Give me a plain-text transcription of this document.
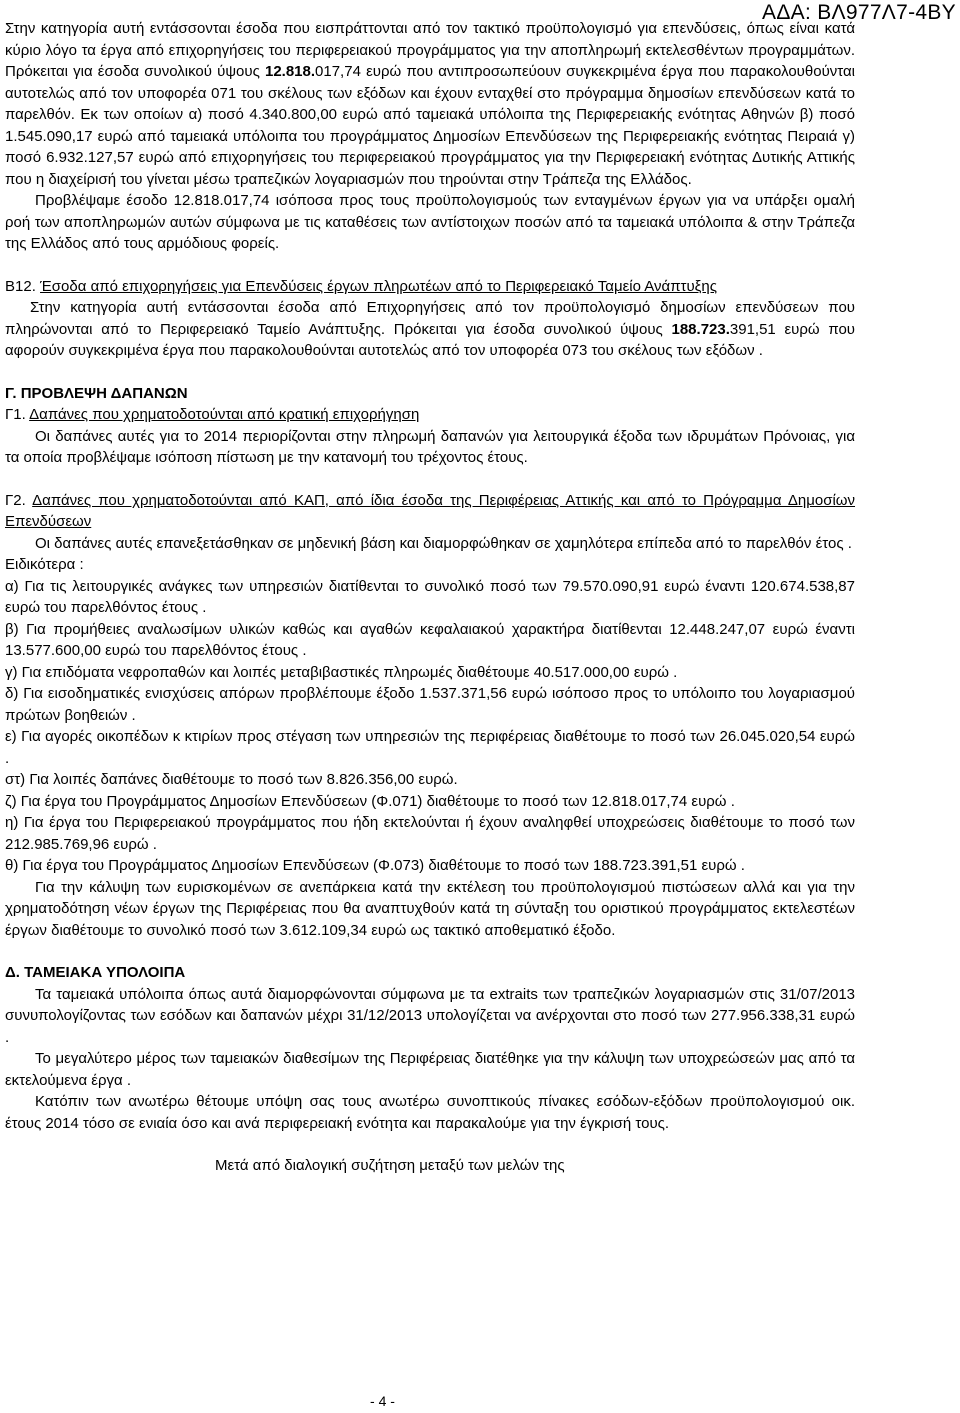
ΑΔΑ: ΒΛ977Λ7-4ΒΥ

Στην κατηγορία αυτή εντάσσονται έσοδα που εισπράττονται από τον τακτικό προϋπολογισμό για επενδύσεις, όπως είναι κατά κύριο λόγο τα έργα από επιχορηγήσεις του περιφερειακού προγράμματος για την αποπληρωμή εκτελεσθέντων προγραμμάτων. Πρόκειται για έσοδα συνολικού ύψους 12.818.017,74 ευρώ που αντιπροσωπεύουν συγκεκριμένα έργα που παρακολουθούνται αυτοτελώς από τον υποφορέα 071 του σκέλους των εξόδων και έχουν ενταχθεί στο πρόγραμμα δημοσίων επενδύσεων κατά το παρελθόν. Εκ των οποίων α) ποσό 4.340.800,00 ευρώ από ταμειακά υπόλοιπα της Περιφερειακής ενότητας Αθηνών β) ποσό 1.545.090,17 ευρώ από ταμειακά υπόλοιπα του προγράμματος Δημοσίων Επενδύσεων της Περιφερειακής ενότητας Πειραιά γ) ποσό 6.932.127,57 ευρώ από επιχορηγήσεις του περιφερειακού προγράμματος για την Περιφερειακή ενότητας Δυτικής Αττικής που η διαχείρισή του γίνεται μέσω τραπεζικών λογαριασμών που τηρούνται στην Τράπεζα της Ελλάδος.

Προβλέψαμε έσοδο 12.818.017,74 ισόποσα προς τους προϋπολογισμούς των ενταγμένων έργων για να υπάρξει ομαλή ροή των αποπληρωμών αυτών σύμφωνα με τις καταθέσεις των αντίστοιχων ποσών από τα ταμειακά υπόλοιπα & στην Τράπεζα της Ελλάδος από τους αρμόδιους φορείς.

Β12. Έσοδα από επιχορηγήσεις για Επενδύσεις έργων πληρωτέων από το Περιφερειακό Ταμείο Ανάπτυξης

Στην κατηγορία αυτή εντάσσονται έσοδα από Επιχορηγήσεις από τον προϋπολογισμό δημοσίων επενδύσεων που πληρώνονται από το Περιφερειακό Ταμείο Ανάπτυξης. Πρόκειται για έσοδα συνολικού ύψους 188.723.391,51 ευρώ που αφορούν συγκεκριμένα έργα που παρακολουθούνται αυτοτελώς από τον υποφορέα 073 του σκέλους των εξόδων .

Γ. ΠΡΟΒΛΕΨΗ ΔΑΠΑΝΩΝ

Γ1. Δαπάνες που χρηματοδοτούνται από κρατική επιχορήγηση

Οι δαπάνες αυτές για το 2014 περιορίζονται στην πληρωμή δαπανών για λειτουργικά έξοδα των ιδρυμάτων Πρόνοιας, για τα οποία προβλέψαμε ισόποση πίστωση με την κατανομή του τρέχοντος έτους.

Γ2. Δαπάνες που χρηματοδοτούνται από ΚΑΠ, από ίδια έσοδα της Περιφέρειας Αττικής και από το Πρόγραμμα Δημοσίων Επενδύσεων

Οι δαπάνες αυτές επανεξετάσθηκαν σε μηδενική βάση και διαμορφώθηκαν σε χαμηλότερα επίπεδα από το παρελθόν έτος .

Ειδικότερα :

α) Για τις λειτουργικές ανάγκες των υπηρεσιών διατίθενται το συνολικό ποσό των 79.570.090,91 ευρώ έναντι 120.674.538,87 ευρώ του παρελθόντος έτους .

β) Για προμήθειες αναλωσίμων υλικών καθώς και αγαθών κεφαλαιακού χαρακτήρα διατίθενται 12.448.247,07 ευρώ έναντι 13.577.600,00 ευρώ του παρελθόντος έτους .

γ) Για επιδόματα νεφροπαθών και λοιπές μεταβιβαστικές πληρωμές διαθέτουμε 40.517.000,00 ευρώ .

δ) Για εισοδηματικές ενισχύσεις απόρων προβλέπουμε έξοδο 1.537.371,56 ευρώ ισόποσο προς το υπόλοιπο του λογαριασμού πρώτων βοηθειών .

ε) Για αγορές οικοπέδων κ κτιρίων προς στέγαση των υπηρεσιών της περιφέρειας διαθέτουμε το ποσό των 26.045.020,54 ευρώ .

στ) Για λοιπές δαπάνες διαθέτουμε το ποσό των 8.826.356,00 ευρώ.

ζ) Για έργα του Προγράμματος Δημοσίων Επενδύσεων (Φ.071) διαθέτουμε το ποσό των 12.818.017,74 ευρώ .

η) Για έργα του Περιφερειακού προγράμματος που ήδη εκτελούνται ή έχουν αναληφθεί υποχρεώσεις διαθέτουμε το ποσό των 212.985.769,96 ευρώ .

θ) Για έργα του Προγράμματος Δημοσίων Επενδύσεων (Φ.073) διαθέτουμε το ποσό των 188.723.391,51 ευρώ .

Για την κάλυψη των ευρισκομένων σε ανεπάρκεια κατά την εκτέλεση του προϋπολογισμού πιστώσεων αλλά και για την χρηματοδότηση νέων έργων της Περιφέρειας που θα αναπτυχθούν κατά τη σύνταξη του οριστικού προγράμματος εκτελεστέων έργων διαθέτουμε το συνολικό ποσό των 3.612.109,34 ευρώ ως τακτικό αποθεματικό έξοδο.

Δ. ΤΑΜΕΙΑΚΑ ΥΠΟΛΟΙΠΑ

Τα ταμειακά υπόλοιπα όπως αυτά διαμορφώνονται σύμφωνα με τα extraits των τραπεζικών λογαριασμών στις 31/07/2013 συνυπολογίζοντας των εσόδων και δαπανών μέχρι 31/12/2013 υπολογίζεται να ανέρχονται στο ποσό των 277.956.338,31 ευρώ .

Το μεγαλύτερο μέρος των ταμειακών διαθεσίμων της Περιφέρειας διατέθηκε για την κάλυψη των υποχρεώσεών μας από τα εκτελούμενα έργα .

Κατόπιν των ανωτέρω θέτουμε υπόψη σας τους ανωτέρω συνοπτικούς πίνακες εσόδων-εξόδων προϋπολογισμού οικ. έτους 2014 τόσο σε ενιαία όσο και ανά περιφερειακή ενότητα και παρακαλούμε για την έγκρισή τους.

Μετά από διαλογική συζήτηση μεταξύ των μελών της

- 4 -
